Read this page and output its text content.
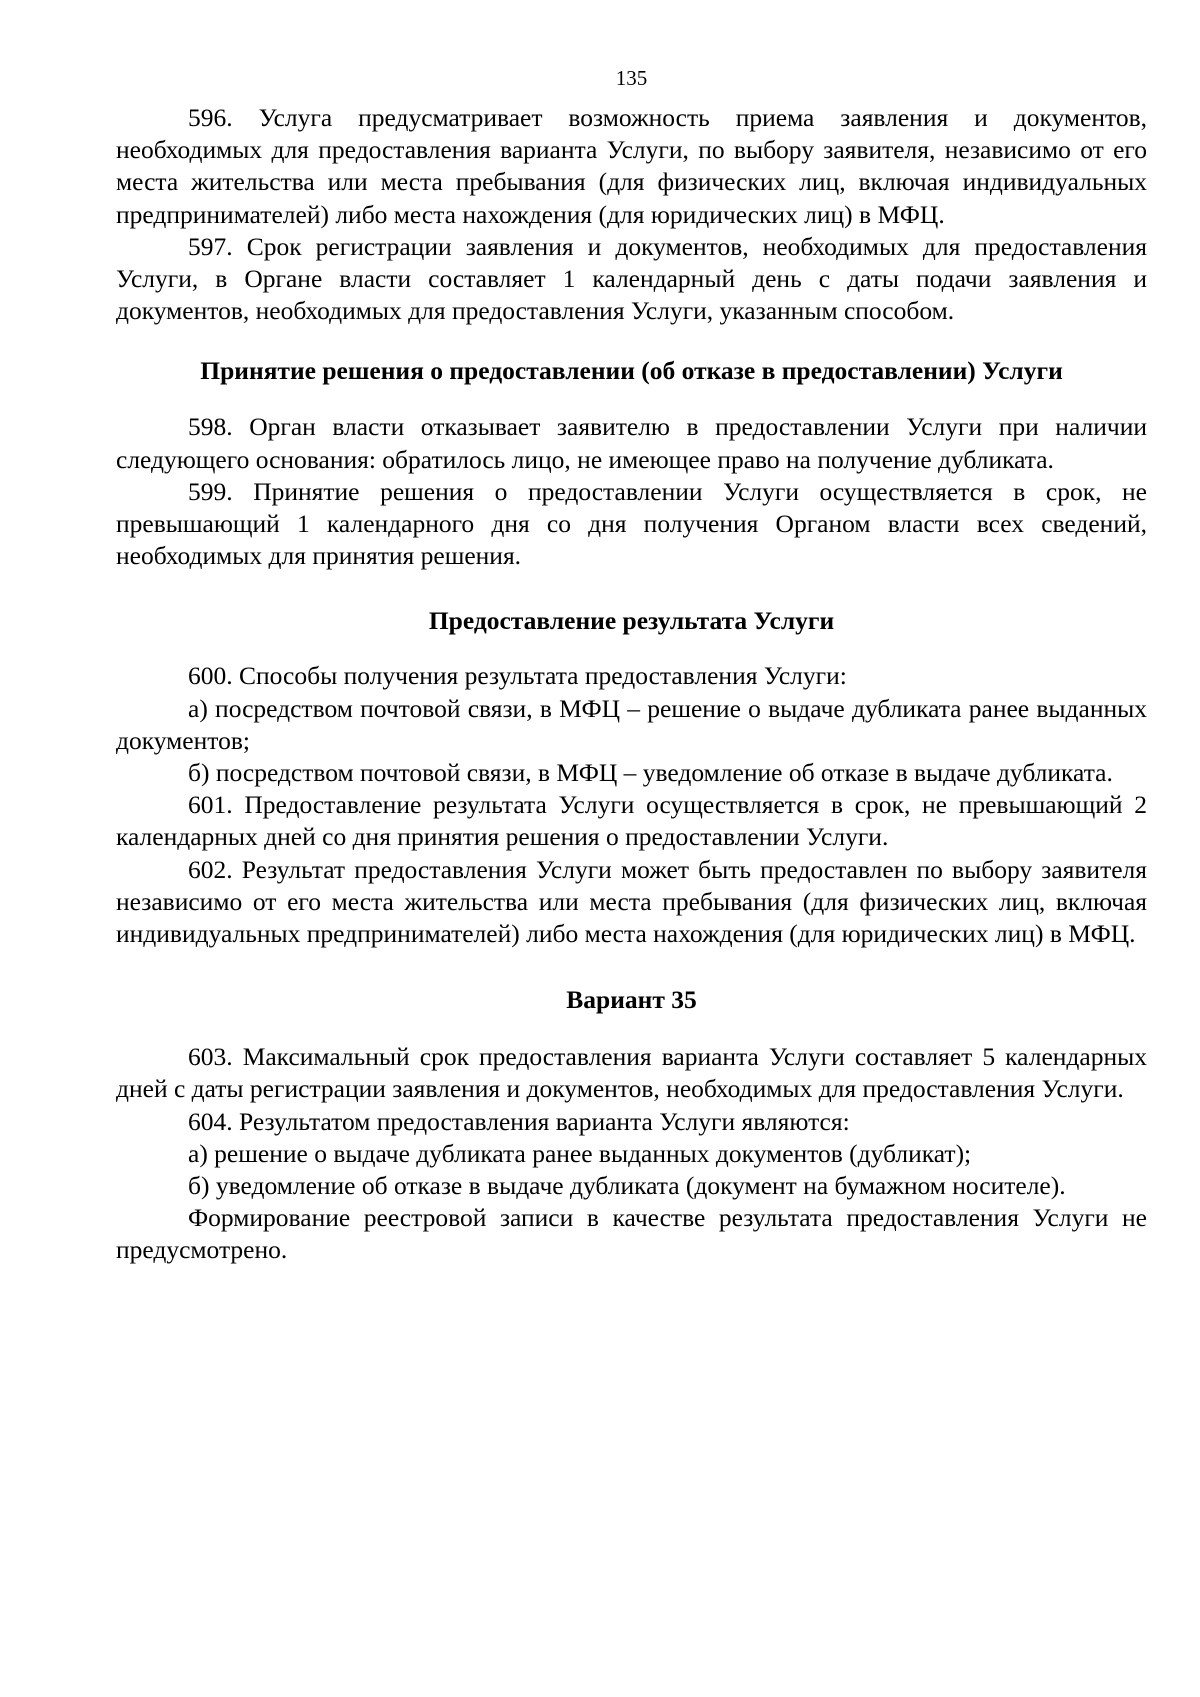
135

596. Услуга предусматривает возможность приема заявления и документов, необходимых для предоставления варианта Услуги, по выбору заявителя, независимо от его места жительства или места пребывания (для физических лиц, включая индивидуальных предпринимателей) либо места нахождения (для юридических лиц) в МФЦ.

597. Срок регистрации заявления и документов, необходимых для предоставления Услуги, в Органе власти составляет 1 календарный день с даты подачи заявления и документов, необходимых для предоставления Услуги, указанным способом.

Принятие решения о предоставлении (об отказе в предоставлении) Услуги

598. Орган власти отказывает заявителю в предоставлении Услуги при наличии следующего основания: обратилось лицо, не имеющее право на получение дубликата.

599. Принятие решения о предоставлении Услуги осуществляется в срок, не превышающий 1 календарного дня со дня получения Органом власти всех сведений, необходимых для принятия решения.

Предоставление результата Услуги

600. Способы получения результата предоставления Услуги:

а) посредством почтовой связи, в МФЦ – решение о выдаче дубликата ранее выданных документов;

б) посредством почтовой связи, в МФЦ – уведомление об отказе в выдаче дубликата.

601. Предоставление результата Услуги осуществляется в срок, не превышающий 2 календарных дней со дня принятия решения о предоставлении Услуги.

602. Результат предоставления Услуги может быть предоставлен по выбору заявителя независимо от его места жительства или места пребывания (для физических лиц, включая индивидуальных предпринимателей) либо места нахождения (для юридических лиц) в МФЦ.

Вариант 35

603. Максимальный срок предоставления варианта Услуги составляет 5 календарных дней с даты регистрации заявления и документов, необходимых для предоставления Услуги.

604. Результатом предоставления варианта Услуги являются:

а) решение о выдаче дубликата ранее выданных документов (дубликат);

б) уведомление об отказе в выдаче дубликата (документ на бумажном носителе).

Формирование реестровой записи в качестве результата предоставления Услуги не предусмотрено.
